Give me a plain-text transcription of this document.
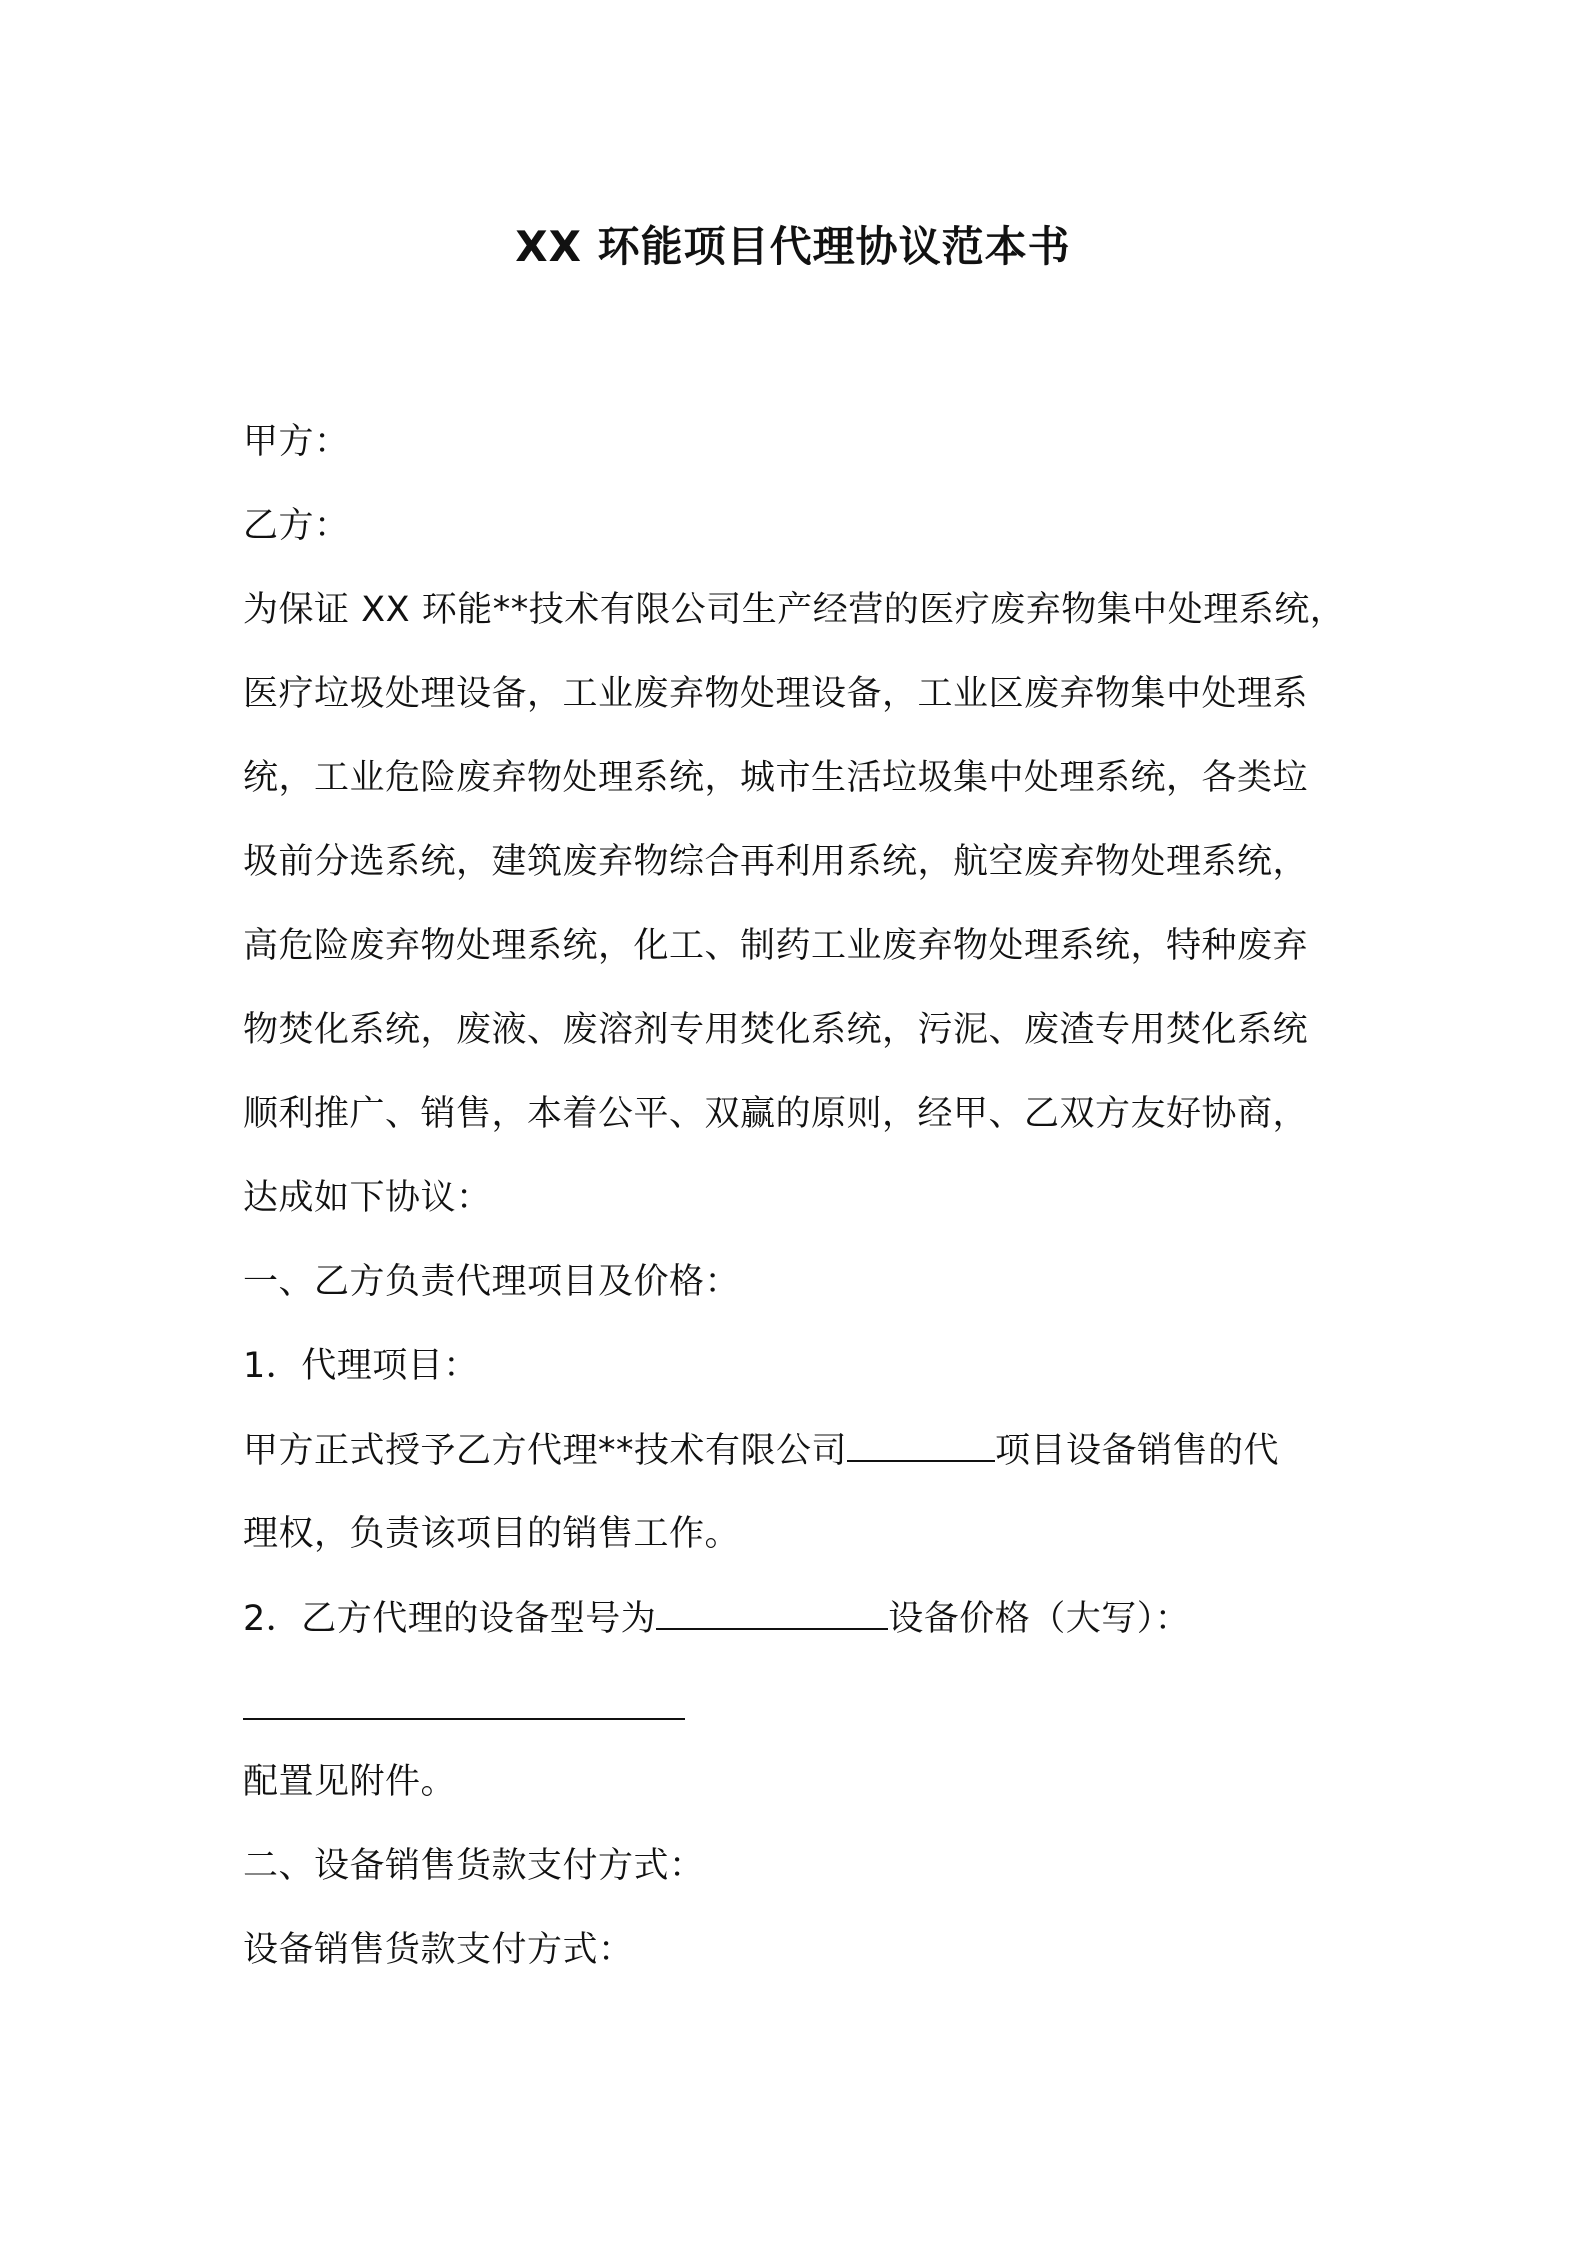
XX 环能项目代理协议范本书

甲方：

乙方：

为保证 XX 环能**技术有限公司生产经营的医疗废弃物集中处理系统，

医疗垃圾处理设备，工业废弃物处理设备，工业区废弃物集中处理系

统，工业危险废弃物处理系统，城市生活垃圾集中处理系统，各类垃

圾前分选系统，建筑废弃物综合再利用系统，航空废弃物处理系统，

高危险废弃物处理系统，化工、制药工业废弃物处理系统，特种废弃

物焚化系统，废液、废溶剂专用焚化系统，污泥、废渣专用焚化系统

顺利推广、销售，本着公平、双赢的原则，经甲、乙双方友好协商，

达成如下协议：

一、乙方负责代理项目及价格：

1．代理项目：

甲方正式授予乙方代理**技术有限公司	项目设备销售的代

理权，负责该项目的销售工作。

2．乙方代理的设备型号为	设备价格（大写）：

配置见附件。

二、设备销售货款支付方式：

设备销售货款支付方式：
